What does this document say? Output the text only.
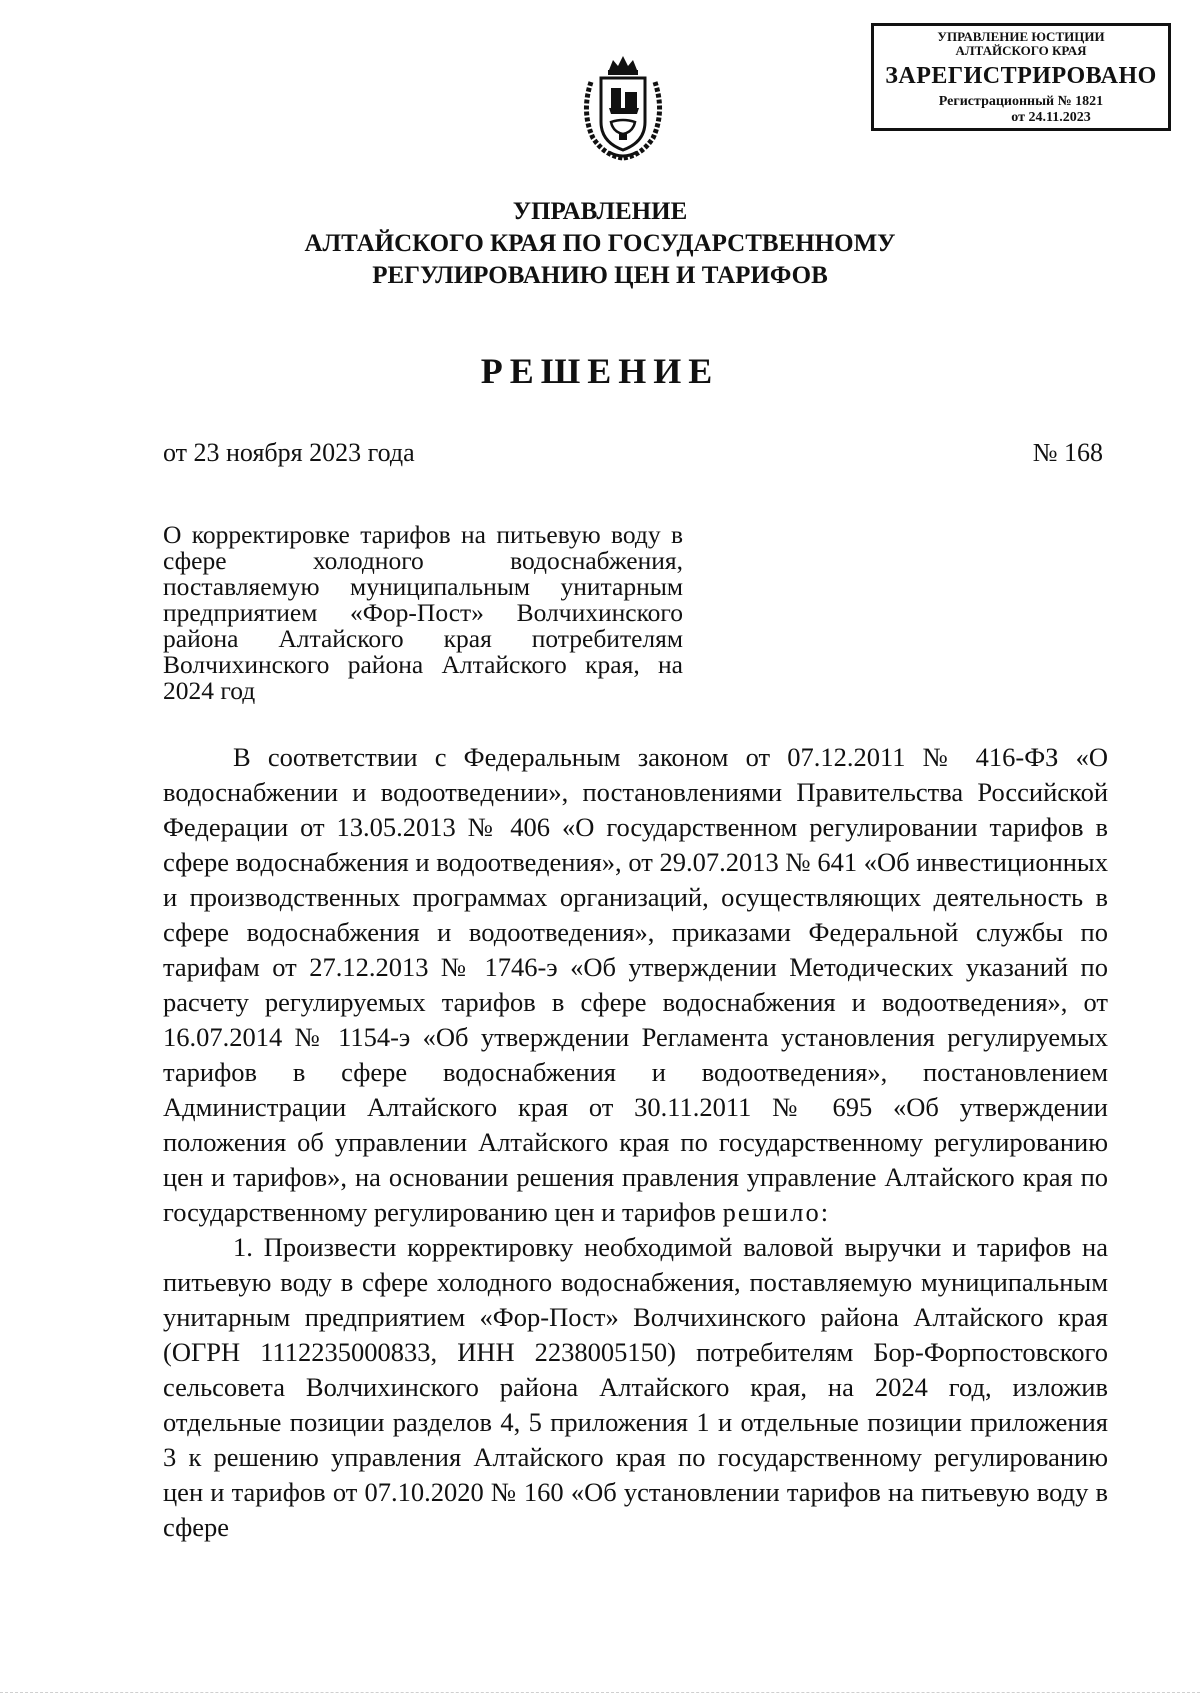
УПРАВЛЕНИЕ ЮСТИЦИИ
АЛТАЙСКОГО КРАЯ
ЗАРЕГИСТРИРОВАНО
Регистрационный № 1821
от 24.11.2023
УПРАВЛЕНИЕ
АЛТАЙСКОГО КРАЯ ПО ГОСУДАРСТВЕННОМУ
РЕГУЛИРОВАНИЮ ЦЕН И ТАРИФОВ
РЕШЕНИЕ
от 23 ноября 2023 года	№ 168
О корректировке тарифов на питьевую воду в сфере холодного водоснабжения, поставляемую муниципальным унитарным предприятием «Фор-Пост» Волчихинского района Алтайского края потребителям Волчихинского района Алтайского края, на 2024 год

В соответствии с Федеральным законом от 07.12.2011 № 416-ФЗ «О водоснабжении и водоотведении», постановлениями Правительства Российской Федерации от 13.05.2013 № 406 «О государственном регулировании тарифов в сфере водоснабжения и водоотведения», от 29.07.2013 № 641 «Об инвестиционных и производственных программах организаций, осуществляющих деятельность в сфере водоснабжения и водоотведения», приказами Федеральной службы по тарифам от 27.12.2013 № 1746-э «Об утверждении Методических указаний по расчету регулируемых тарифов в сфере водоснабжения и водоотведения», от 16.07.2014 № 1154-э «Об утверждении Регламента установления регулируемых тарифов в сфере водоснабжения и водоотведения», постановлением Администрации Алтайского края от 30.11.2011 № 695 «Об утверждении положения об управлении Алтайского края по государственному регулированию цен и тарифов», на основании решения правления управление Алтайского края по государственному регулированию цен и тарифов решило:

1. Произвести корректировку необходимой валовой выручки и тарифов на питьевую воду в сфере холодного водоснабжения, поставляемую муниципальным унитарным предприятием «Фор-Пост» Волчихинского района Алтайского края (ОГРН 1112235000833, ИНН 2238005150) потребителям Бор-Форпостовского сельсовета Волчихинского района Алтайского края, на 2024 год, изложив отдельные позиции разделов 4, 5 приложения 1 и отдельные позиции приложения 3 к решению управления Алтайского края по государственному регулированию цен и тарифов от 07.10.2020 № 160 «Об установлении тарифов на питьевую воду в сфере
